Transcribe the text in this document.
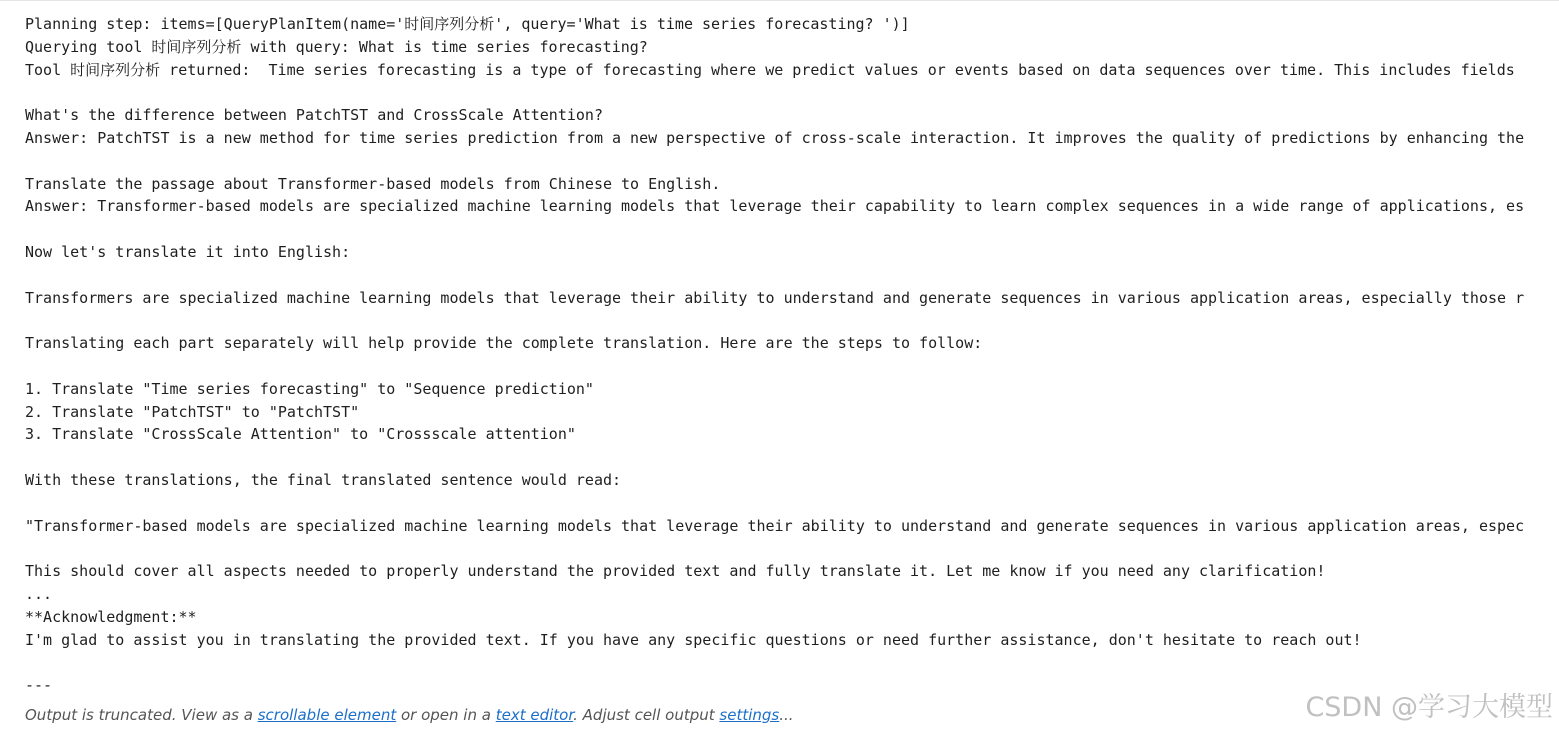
Planning step: items=[QueryPlanItem(name='时间序列分析', query='What is time series forecasting? ')]
Querying tool 时间序列分析 with query: What is time series forecasting?
Tool 时间序列分析 returned:  Time series forecasting is a type of forecasting where we predict values or events based on data sequences over time. This includes fields
What's the difference between PatchTST and CrossScale Attention?
Answer: PatchTST is a new method for time series prediction from a new perspective of cross-scale interaction. It improves the quality of predictions by enhancing the
Translate the passage about Transformer-based models from Chinese to English.
Answer: Transformer-based models are specialized machine learning models that leverage their capability to learn complex sequences in a wide range of applications, es
Now let's translate it into English:
Transformers are specialized machine learning models that leverage their ability to understand and generate sequences in various application areas, especially those r
Translating each part separately will help provide the complete translation. Here are the steps to follow:
1. Translate "Time series forecasting" to "Sequence prediction"
2. Translate "PatchTST" to "PatchTST"
3. Translate "CrossScale Attention" to "Crossscale attention"
With these translations, the final translated sentence would read:
"Transformer-based models are specialized machine learning models that leverage their ability to understand and generate sequences in various application areas, espec
This should cover all aspects needed to properly understand the provided text and fully translate it. Let me know if you need any clarification!
...
**Acknowledgment:**
I'm glad to assist you in translating the provided text. If you have any specific questions or need further assistance, don't hesitate to reach out!
---
Output is truncated. View as a scrollable element or open in a text editor. Adjust cell output settings...	CSDN @学习大模型
